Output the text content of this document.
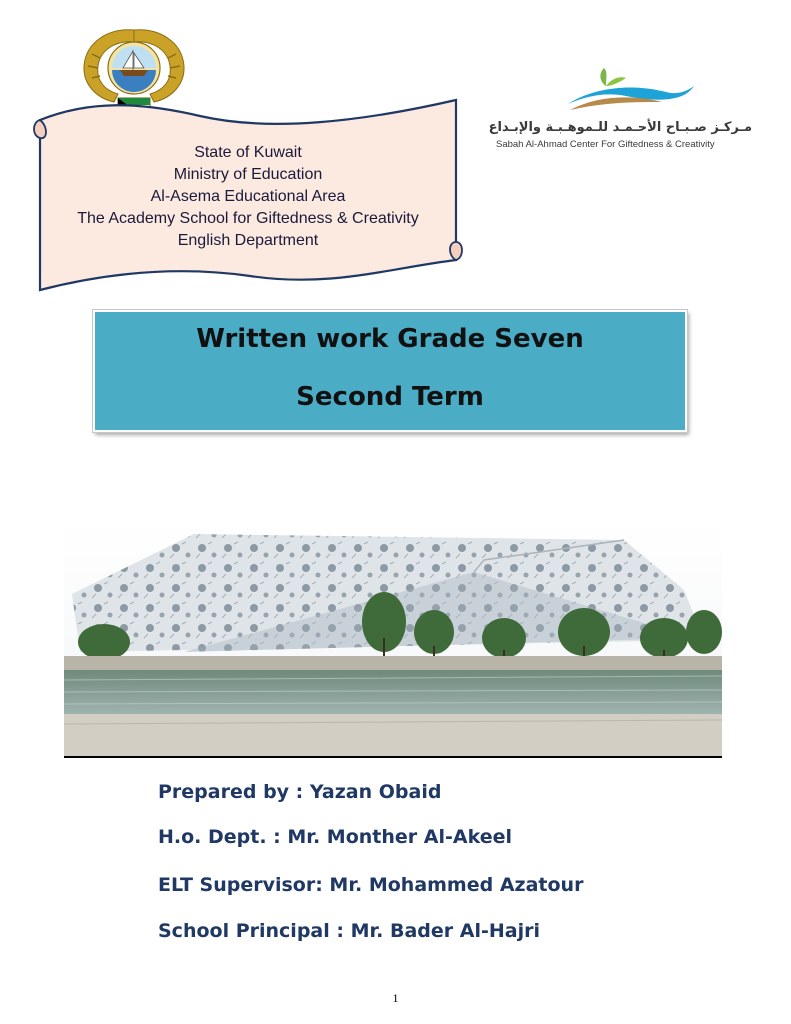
State of Kuwait
Ministry of Education
Al-Asema Educational Area
The Academy School for Giftedness & Creativity
English Department
مـركـز صـبـاح الأحـمـد للـموهـبـة والإبـداع
Sabah Al-Ahmad Center For Giftedness & Creativity
Written work Grade Seven
Second Term
Prepared by : Yazan Obaid
H.o. Dept. : Mr. Monther Al-Akeel
ELT Supervisor: Mr. Mohammed Azatour
School Principal : Mr. Bader Al-Hajri
1
